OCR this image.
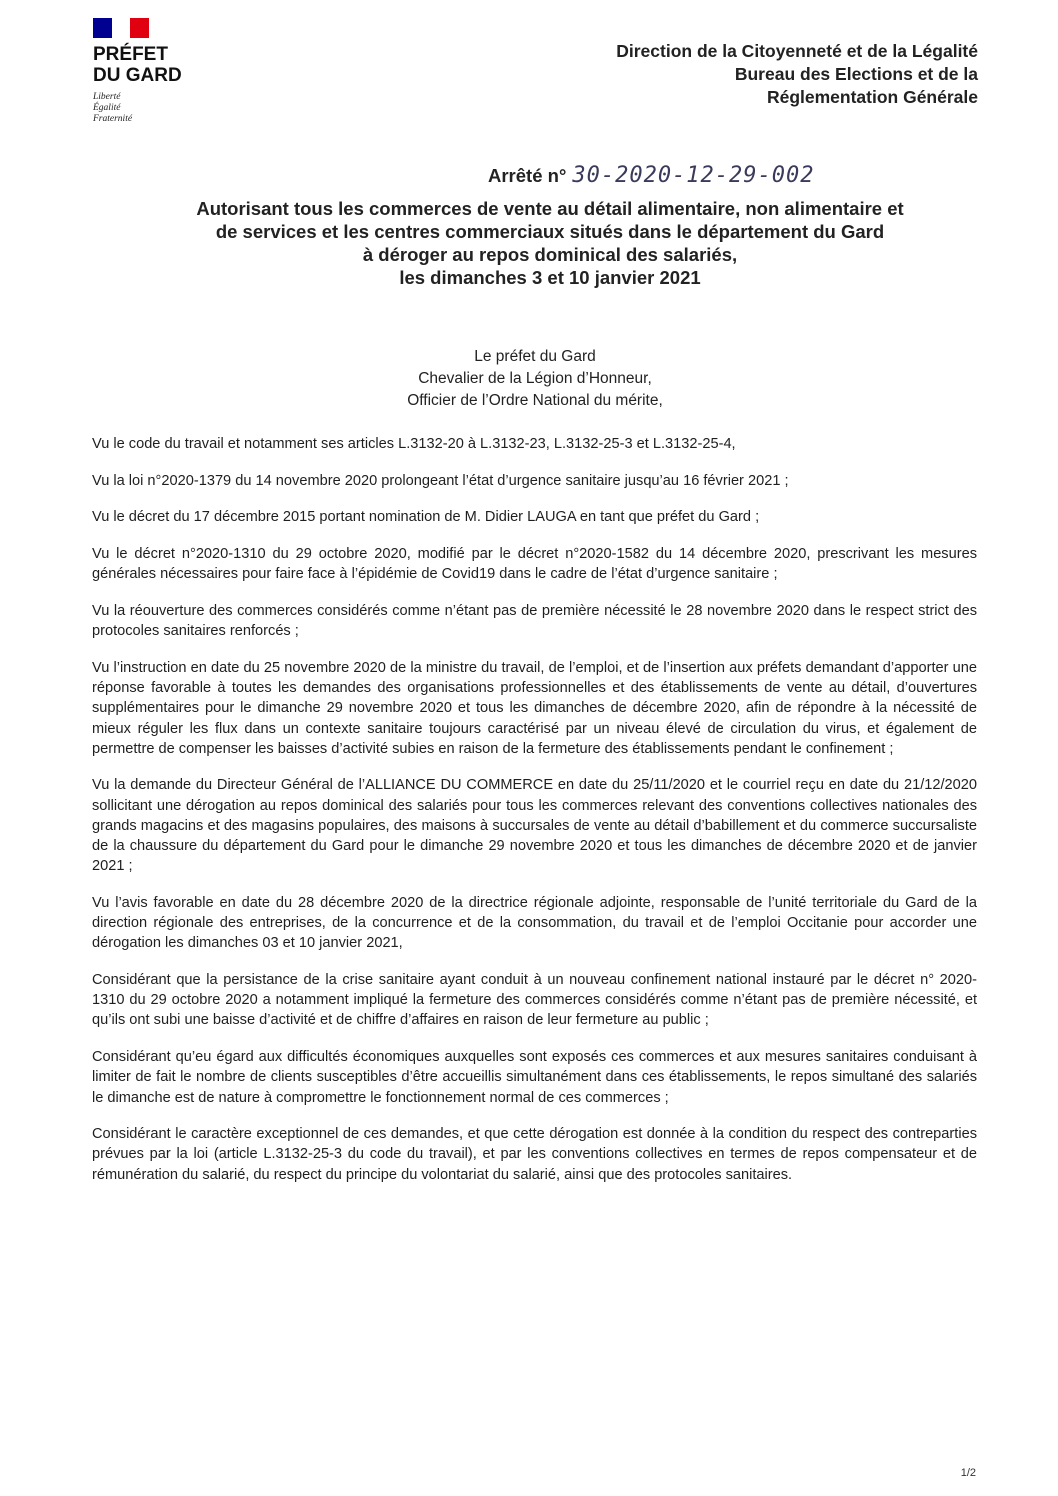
PRÉFET
DU GARD
Liberté
Égalité
Fraternité
Direction de la Citoyenneté et de la Légalité
Bureau des Elections et de la
Réglementation Générale
Arrêté n° 30-2020-12-29-002
Autorisant tous les commerces de vente au détail alimentaire, non alimentaire et
de services et les centres commerciaux situés dans le département du Gard
à déroger au repos dominical des salariés,
les dimanches 3 et 10 janvier 2021
Le préfet du Gard
Chevalier de la Légion d’Honneur,
Officier de l’Ordre National du mérite,

Vu le code du travail et notamment ses articles L.3132-20 à L.3132-23, L.3132-25-3 et L.3132-25-4,

Vu la loi n°2020-1379 du 14 novembre 2020 prolongeant l’état d’urgence sanitaire jusqu’au 16 février 2021 ;

Vu le décret du 17 décembre 2015 portant nomination de M. Didier LAUGA en tant que préfet du Gard ;

Vu le décret n°2020-1310 du 29 octobre 2020, modifié par le décret n°2020-1582 du 14 décembre 2020, prescrivant les mesures générales nécessaires pour faire face à l’épidémie de Covid19 dans le cadre de l’état d’urgence sanitaire ;

Vu la réouverture des commerces considérés comme n’étant pas de première nécessité le 28 novembre 2020 dans le respect strict des protocoles sanitaires renforcés ;

Vu l’instruction en date du 25 novembre 2020 de la ministre du travail, de l’emploi, et de l’insertion aux préfets demandant d’apporter une réponse favorable à toutes les demandes des organisations professionnelles et des établissements de vente au détail, d’ouvertures supplémentaires pour le dimanche 29 novembre 2020 et tous les dimanches de décembre 2020, afin de répondre à la nécessité de mieux réguler les flux dans un contexte sanitaire toujours caractérisé par un niveau élevé de circulation du virus, et également de permettre de compenser les baisses d’activité subies en raison de la fermeture des établissements pendant le confinement ;

Vu la demande du Directeur Général de l’ALLIANCE DU COMMERCE en date du 25/11/2020 et le courriel reçu en date du 21/12/2020 sollicitant une dérogation au repos dominical des salariés pour tous les commerces relevant des conventions collectives nationales des grands magacins et des magasins populaires, des maisons à succursales de vente au détail d’babillement et du commerce succursaliste de la chaussure du département du Gard pour le dimanche 29 novembre 2020 et tous les dimanches de décembre 2020 et de janvier 2021 ;

Vu l’avis favorable en date du 28 décembre 2020 de la directrice régionale adjointe, responsable de l’unité territoriale du Gard de la direction régionale des entreprises, de la concurrence et de la consommation, du travail et de l’emploi Occitanie pour accorder une dérogation les dimanches 03 et 10 janvier 2021,

Considérant que la persistance de la crise sanitaire ayant conduit à un nouveau confinement national instauré par le décret n° 2020-1310 du 29 octobre 2020 a notamment impliqué la fermeture des commerces considérés comme n’étant pas de première nécessité, et qu’ils ont subi une baisse d’activité et de chiffre d’affaires en raison de leur fermeture au public ;

Considérant qu’eu égard aux difficultés économiques auxquelles sont exposés ces commerces et aux mesures sanitaires conduisant à limiter de fait le nombre de clients susceptibles d’être accueillis simultanément dans ces établissements, le repos simultané des salariés le dimanche est de nature à compromettre le fonctionnement normal de ces commerces ;

Considérant le caractère exceptionnel de ces demandes, et que cette dérogation est donnée à la condition du respect des contreparties prévues par la loi (article L.3132-25-3 du code du travail), et par les conventions collectives en termes de repos compensateur et de rémunération du salarié, du respect du principe du volontariat du salarié, ainsi que des protocoles sanitaires.

1/2
